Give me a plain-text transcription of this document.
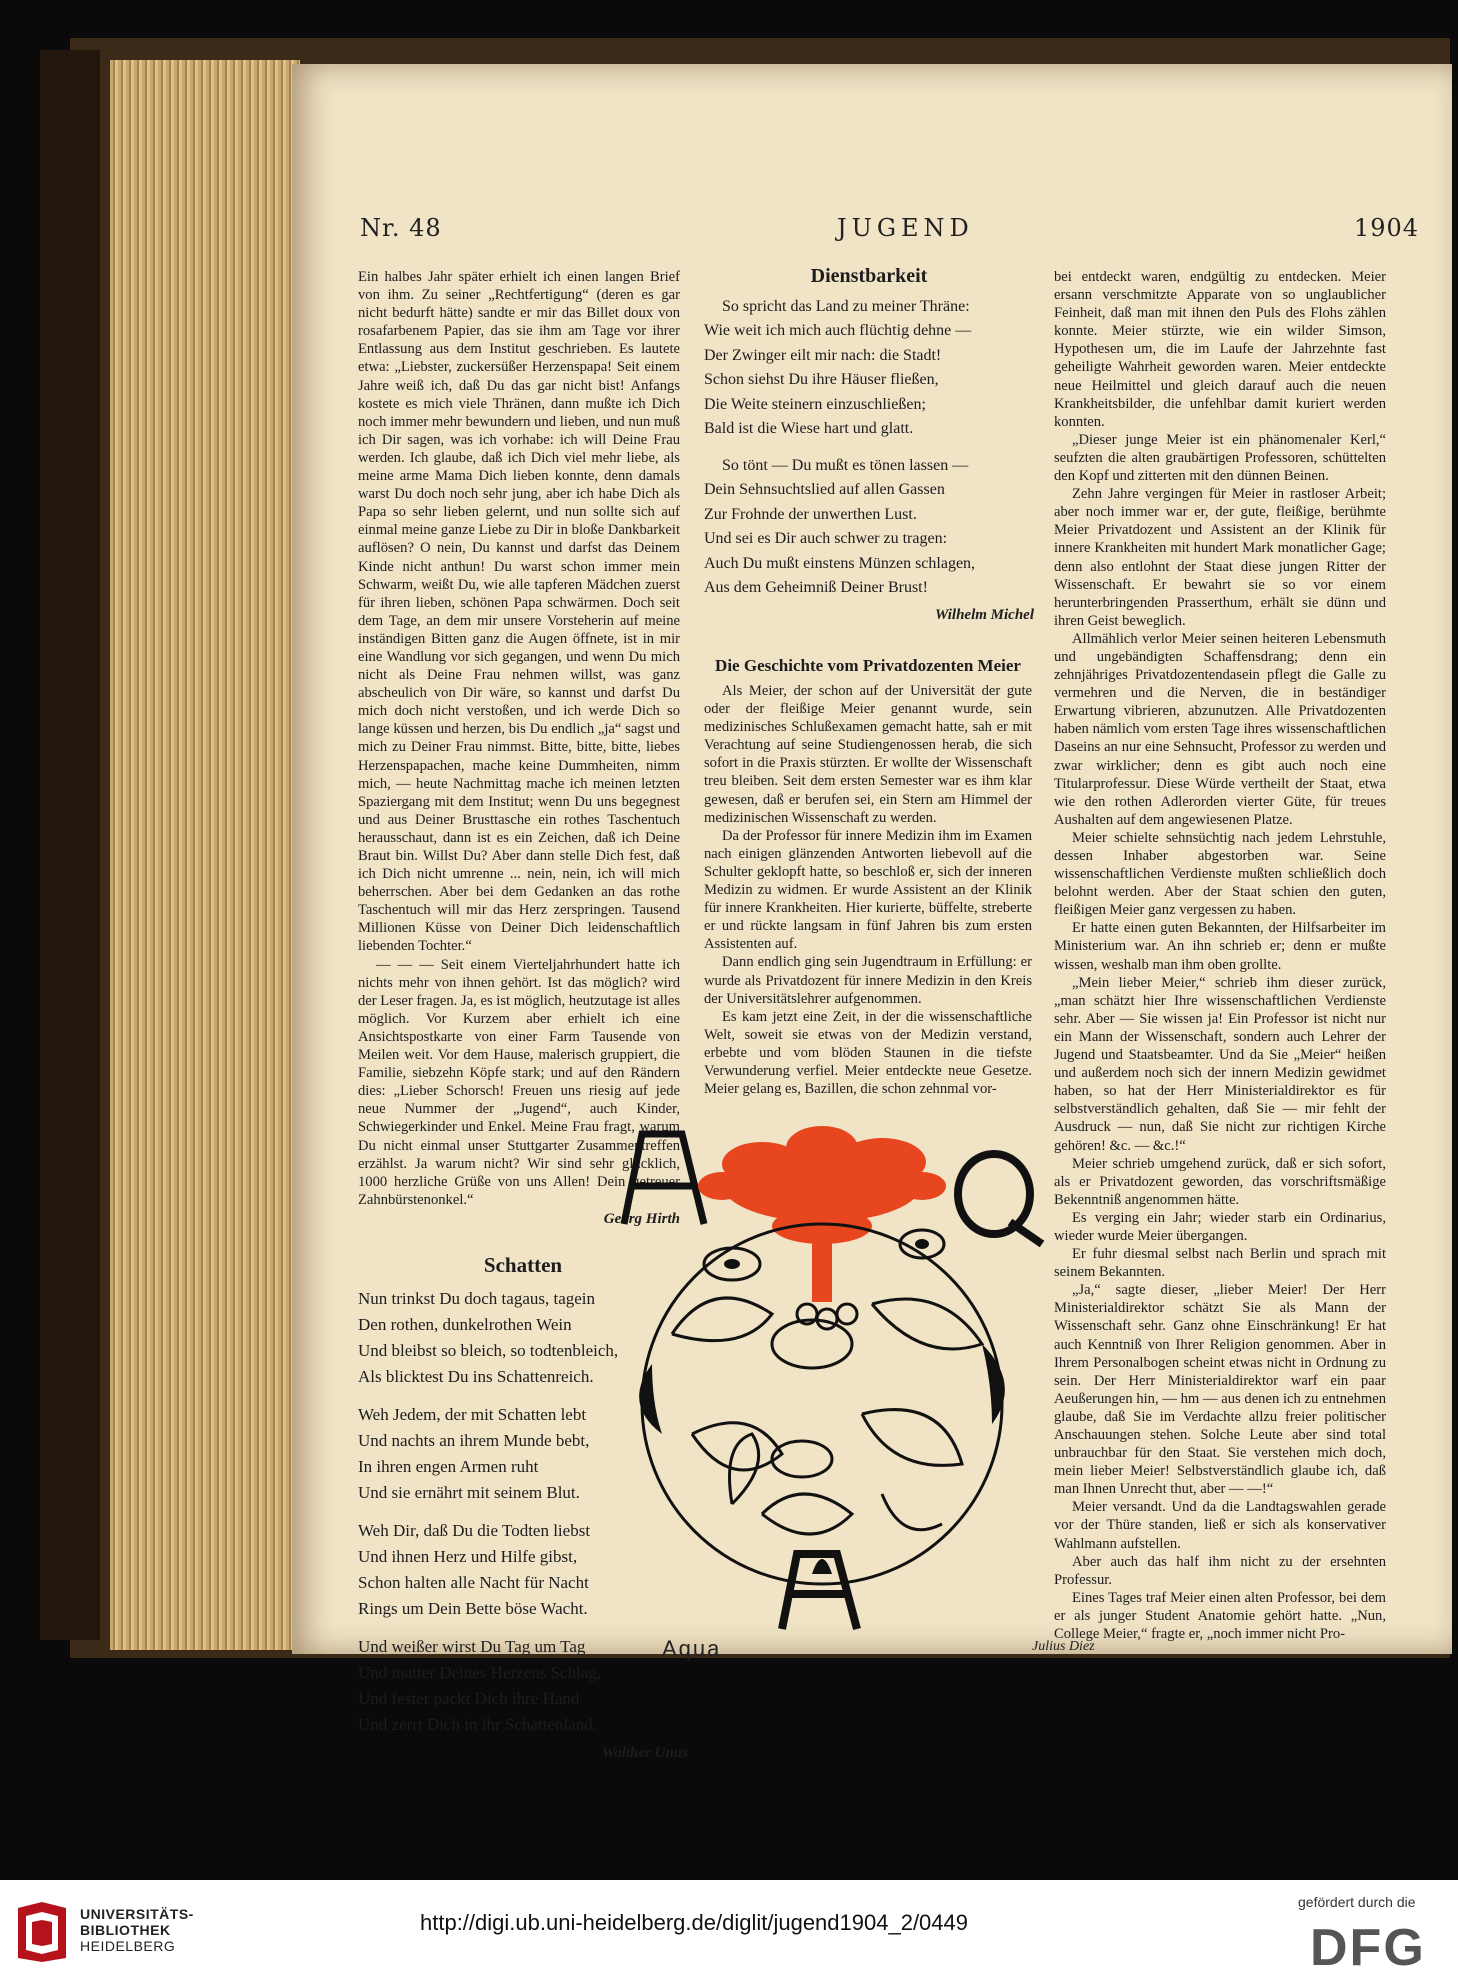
Nr. 48	JUGEND	1904

Ein halbes Jahr später erhielt ich einen langen Brief von ihm. Zu seiner „Rechtfertigung“ (deren es gar nicht bedurft hätte) sandte er mir das Billet doux von rosafarbenem Papier, das sie ihm am Tage vor ihrer Entlassung aus dem Institut geschrieben. Es lautete etwa: „Liebster, zuckersüßer Herzenspapa! Seit einem Jahre weiß ich, daß Du das gar nicht bist! Anfangs kostete es mich viele Thränen, dann mußte ich Dich noch immer mehr bewundern und lieben, und nun muß ich Dir sagen, was ich vorhabe: ich will Deine Frau werden. Ich glaube, daß ich Dich viel mehr liebe, als meine arme Mama Dich lieben konnte, denn damals warst Du doch noch sehr jung, aber ich habe Dich als Papa so sehr lieben gelernt, und nun sollte sich auf einmal meine ganze Liebe zu Dir in bloße Dankbarkeit auflösen? O nein, Du kannst und darfst das Deinem Kinde nicht anthun! Du warst schon immer mein Schwarm, weißt Du, wie alle tapferen Mädchen zuerst für ihren lieben, schönen Papa schwärmen. Doch seit dem Tage, an dem mir unsere Vorsteherin auf meine inständigen Bitten ganz die Augen öffnete, ist in mir eine Wandlung vor sich gegangen, und wenn Du mich nicht als Deine Frau nehmen willst, was ganz abscheulich von Dir wäre, so kannst und darfst Du mich doch nicht verstoßen, und ich werde Dich so lange küssen und herzen, bis Du endlich „ja“ sagst und mich zu Deiner Frau nimmst. Bitte, bitte, bitte, liebes Herzenspapachen, mache keine Dummheiten, nimm mich, — heute Nachmittag mache ich meinen letzten Spaziergang mit dem Institut; wenn Du uns begegnest und aus Deiner Brusttasche ein rothes Taschentuch herausschaut, dann ist es ein Zeichen, daß ich Deine Braut bin. Willst Du? Aber dann stelle Dich fest, daß ich Dich nicht umrenne ... nein, nein, ich will mich beherrschen. Aber bei dem Gedanken an das rothe Taschentuch will mir das Herz zerspringen. Tausend Millionen Küsse von Deiner Dich leidenschaftlich liebenden Tochter.“

— — — Seit einem Vierteljahrhundert hatte ich nichts mehr von ihnen gehört. Ist das möglich? wird der Leser fragen. Ja, es ist möglich, heutzutage ist alles möglich. Vor Kurzem aber erhielt ich eine Ansichtspostkarte von einer Farm Tausende von Meilen weit. Vor dem Hause, malerisch gruppiert, die Familie, siebzehn Köpfe stark; und auf den Rändern dies: „Lieber Schorsch! Freuen uns riesig auf jede neue Nummer der „Jugend“, auch Kinder, Schwiegerkinder und Enkel. Meine Frau fragt, warum Du nicht einmal unser Stuttgarter Zusammentreffen erzählst. Ja warum nicht? Wir sind sehr glücklich, 1000 herzliche Grüße von uns Allen! Dein getreuer Zahnbürstenonkel.“

Georg Hirth
Schatten
Nun trinkst Du doch tagaus, tagein
Den rothen, dunkelrothen Wein
Und bleibst so bleich, so todtenbleich,
Als blicktest Du ins Schattenreich.
Weh Jedem, der mit Schatten lebt
Und nachts an ihrem Munde bebt,
In ihren engen Armen ruht
Und sie ernährt mit seinem Blut.
Weh Dir, daß Du die Todten liebst
Und ihnen Herz und Hilfe gibst,
Schon halten alle Nacht für Nacht
Rings um Dein Bette böse Wacht.
Und weißer wirst Du Tag um Tag
Und matter Deines Herzens Schlag,
Und fester packt Dich ihre Hand
Und zerrt Dich in ihr Schattenland.
Walther Unus
Dienstbarkeit
So spricht das Land zu meiner Thräne:
Wie weit ich mich auch flüchtig dehne —
Der Zwinger eilt mir nach: die Stadt!
Schon siehst Du ihre Häuser fließen,
Die Weite steinern einzuschließen;
Bald ist die Wiese hart und glatt.
So tönt — Du mußt es tönen lassen —
Dein Sehnsuchtslied auf allen Gassen
Zur Frohnde der unwerthen Lust.
Und sei es Dir auch schwer zu tragen:
Auch Du mußt einstens Münzen schlagen,
Aus dem Geheimniß Deiner Brust!
Wilhelm Michel
Die Geschichte vom Privatdozenten Meier

Als Meier, der schon auf der Universität der gute oder der fleißige Meier genannt wurde, sein medizinisches Schlußexamen gemacht hatte, sah er mit Verachtung auf seine Studiengenossen herab, die sich sofort in die Praxis stürzten. Er wollte der Wissenschaft treu bleiben. Seit dem ersten Semester war es ihm klar gewesen, daß er berufen sei, ein Stern am Himmel der medizinischen Wissenschaft zu werden.

Da der Professor für innere Medizin ihm im Examen nach einigen glänzenden Antworten liebevoll auf die Schulter geklopft hatte, so beschloß er, sich der inneren Medizin zu widmen. Er wurde Assistent an der Klinik für innere Krankheiten. Hier kurierte, büffelte, streberte er und rückte langsam in fünf Jahren bis zum ersten Assistenten auf.

Dann endlich ging sein Jugendtraum in Erfüllung: er wurde als Privatdozent für innere Medizin in den Kreis der Universitätslehrer aufgenommen.

Es kam jetzt eine Zeit, in der die wissenschaftliche Welt, soweit sie etwas von der Medizin verstand, erbebte und vom blöden Staunen in die tiefste Verwunderung verfiel. Meier entdeckte neue Gesetze. Meier gelang es, Bazillen, die schon zehnmal vor-

bei entdeckt waren, endgültig zu entdecken. Meier ersann verschmitzte Apparate von so unglaublicher Feinheit, daß man mit ihnen den Puls des Flohs zählen konnte. Meier stürzte, wie ein wilder Simson, Hypothesen um, die im Laufe der Jahrzehnte fast geheiligte Wahrheit geworden waren. Meier entdeckte neue Heilmittel und gleich darauf auch die neuen Krankheitsbilder, die unfehlbar damit kuriert werden konnten.

„Dieser junge Meier ist ein phänomenaler Kerl,“ seufzten die alten graubärtigen Professoren, schüttelten den Kopf und zitterten mit den dünnen Beinen.

Zehn Jahre vergingen für Meier in rastloser Arbeit; aber noch immer war er, der gute, fleißige, berühmte Meier Privatdozent und Assistent an der Klinik für innere Krankheiten mit hundert Mark monatlicher Gage; denn also entlohnt der Staat diese jungen Ritter der Wissenschaft. Er bewahrt sie so vor einem herunterbringenden Prasserthum, erhält sie dünn und ihren Geist beweglich.

Allmählich verlor Meier seinen heiteren Lebensmuth und ungebändigten Schaffensdrang; denn ein zehnjähriges Privatdozentendasein pflegt die Galle zu vermehren und die Nerven, die in beständiger Erwartung vibrieren, abzunutzen. Alle Privatdozenten haben nämlich vom ersten Tage ihres wissenschaftlichen Daseins an nur eine Sehnsucht, Professor zu werden und zwar wirklicher; denn es gibt auch noch eine Titularprofessur. Diese Würde vertheilt der Staat, etwa wie den rothen Adlerorden vierter Güte, für treues Aushalten auf dem angewiesenen Platze.

Meier schielte sehnsüchtig nach jedem Lehrstuhle, dessen Inhaber abgestorben war. Seine wissenschaftlichen Verdienste mußten schließlich doch belohnt werden. Aber der Staat schien den guten, fleißigen Meier ganz vergessen zu haben.

Er hatte einen guten Bekannten, der Hilfsarbeiter im Ministerium war. An ihn schrieb er; denn er mußte wissen, weshalb man ihm oben grollte.

„Mein lieber Meier,“ schrieb ihm dieser zurück, „man schätzt hier Ihre wissenschaftlichen Verdienste sehr. Aber — Sie wissen ja! Ein Professor ist nicht nur ein Mann der Wissenschaft, sondern auch Lehrer der Jugend und Staatsbeamter. Und da Sie „Meier“ heißen und außerdem noch sich der innern Medizin gewidmet haben, so hat der Herr Ministerialdirektor es für selbstverständlich gehalten, daß Sie — mir fehlt der Ausdruck — nun, daß Sie nicht zur richtigen Kirche gehören! &c. — &c.!“

Meier schrieb umgehend zurück, daß er sich sofort, als er Privatdozent geworden, das vorschriftsmäßige Bekenntniß angenommen hätte.

Es verging ein Jahr; wieder starb ein Ordinarius, wieder wurde Meier übergangen.

Er fuhr diesmal selbst nach Berlin und sprach mit seinem Bekannten.

„Ja,“ sagte dieser, „lieber Meier! Der Herr Ministerialdirektor schätzt Sie als Mann der Wissenschaft sehr. Ganz ohne Einschränkung! Er hat auch Kenntniß von Ihrer Religion genommen. Aber in Ihrem Personalbogen scheint etwas nicht in Ordnung zu sein. Der Herr Ministerialdirektor warf ein paar Aeußerungen hin, — hm — aus denen ich zu entnehmen glaube, daß Sie im Verdachte allzu freier politischer Anschauungen stehen. Solche Leute aber sind total unbrauchbar für den Staat. Sie verstehen mich doch, mein lieber Meier! Selbstverständlich glaube ich, daß man Ihnen Unrecht thut, aber — —!“

Meier versandt. Und da die Landtagswahlen gerade vor der Thüre standen, ließ er sich als konservativer Wahlmann aufstellen.

Aber auch das half ihm nicht zu der ersehnten Professur.

Eines Tages traf Meier einen alten Professor, bei dem er als junger Student Anatomie gehört hatte. „Nun, College Meier,“ fragte er, „noch immer nicht Pro-

Aqua	Julius Diez
UNIVERSITÄTS-
BIBLIOTHEK
HEIDELBERG
http://digi.ub.uni-heidelberg.de/diglit/jugend1904_2/0449
gefördert durch die
DFG
